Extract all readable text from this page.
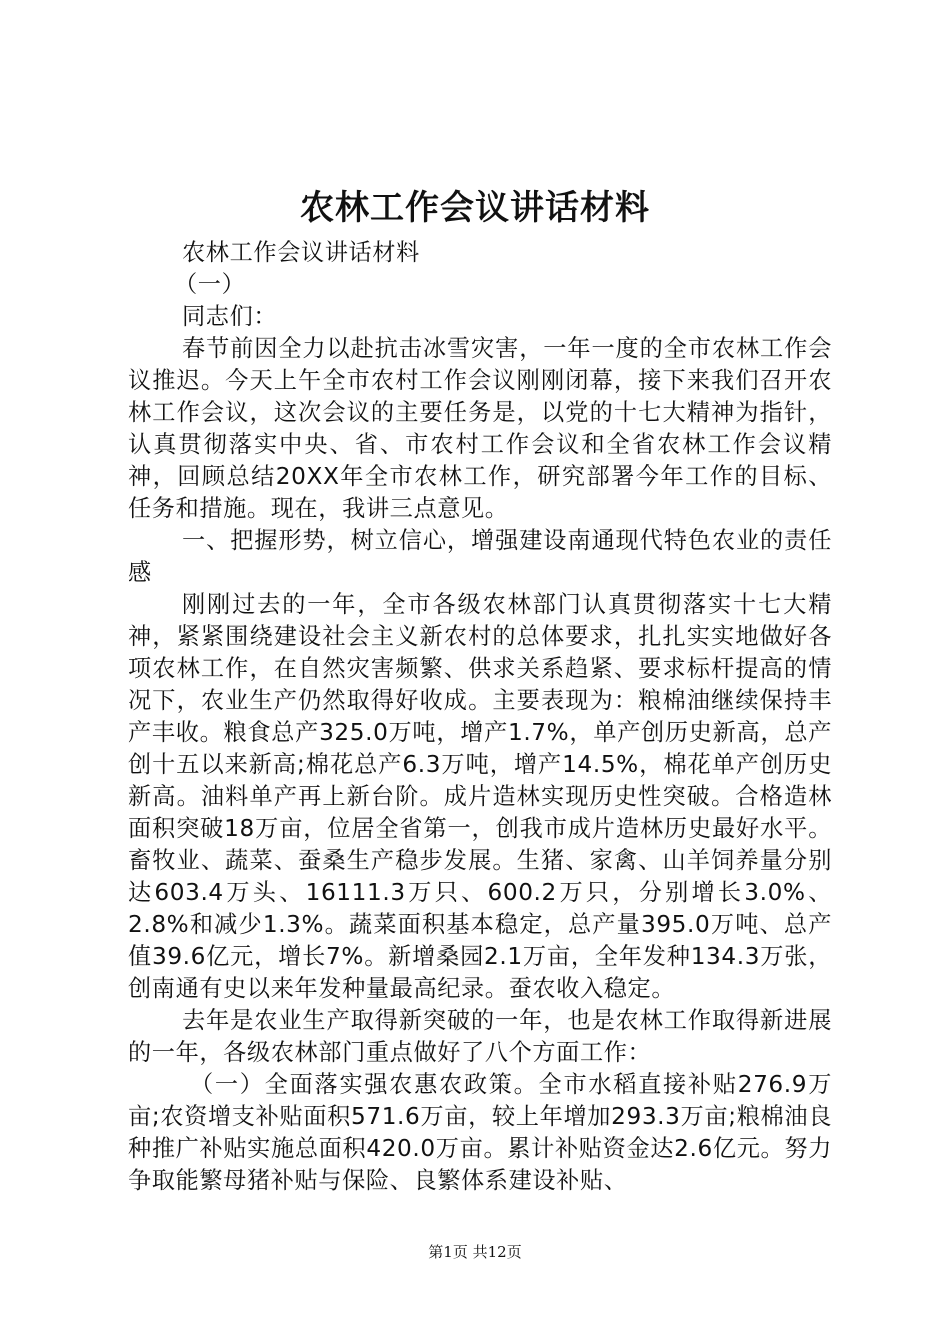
农林工作会议讲话材料

农林工作会议讲话材料

（一）

同志们：

春节前因全力以赴抗击冰雪灾害，一年一度的全市农林工作会议推迟。今天上午全市农村工作会议刚刚闭幕，接下来我们召开农林工作会议，这次会议的主要任务是，以党的十七大精神为指针，认真贯彻落实中央、省、市农村工作会议和全省农林工作会议精神，回顾总结20XX年全市农林工作，研究部署今年工作的目标、任务和措施。现在，我讲三点意见。

一、把握形势，树立信心，增强建设南通现代特色农业的责任感

刚刚过去的一年，全市各级农林部门认真贯彻落实十七大精神，紧紧围绕建设社会主义新农村的总体要求，扎扎实实地做好各项农林工作，在自然灾害频繁、供求关系趋紧、要求标杆提高的情况下，农业生产仍然取得好收成。主要表现为：粮棉油继续保持丰产丰收。粮食总产325.0万吨，增产1.7%，单产创历史新高，总产创十五以来新高;棉花总产6.3万吨，增产14.5%，棉花单产创历史新高。油料单产再上新台阶。成片造林实现历史性突破。合格造林面积突破18万亩，位居全省第一，创我市成片造林历史最好水平。畜牧业、蔬菜、蚕桑生产稳步发展。生猪、家禽、山羊饲养量分别达603.4万头、16111.3万只、600.2万只，分别增长3.0%、2.8%和减少1.3%。蔬菜面积基本稳定，总产量395.0万吨、总产值39.6亿元，增长7%。新增桑园2.1万亩，全年发种134.3万张，创南通有史以来年发种量最高纪录。蚕农收入稳定。

去年是农业生产取得新突破的一年，也是农林工作取得新进展的一年，各级农林部门重点做好了八个方面工作：

（一）全面落实强农惠农政策。全市水稻直接补贴276.9万亩;农资增支补贴面积571.6万亩，较上年增加293.3万亩;粮棉油良种推广补贴实施总面积420.0万亩。累计补贴资金达2.6亿元。努力争取能繁母猪补贴与保险、良繁体系建设补贴、

第1页 共12页
